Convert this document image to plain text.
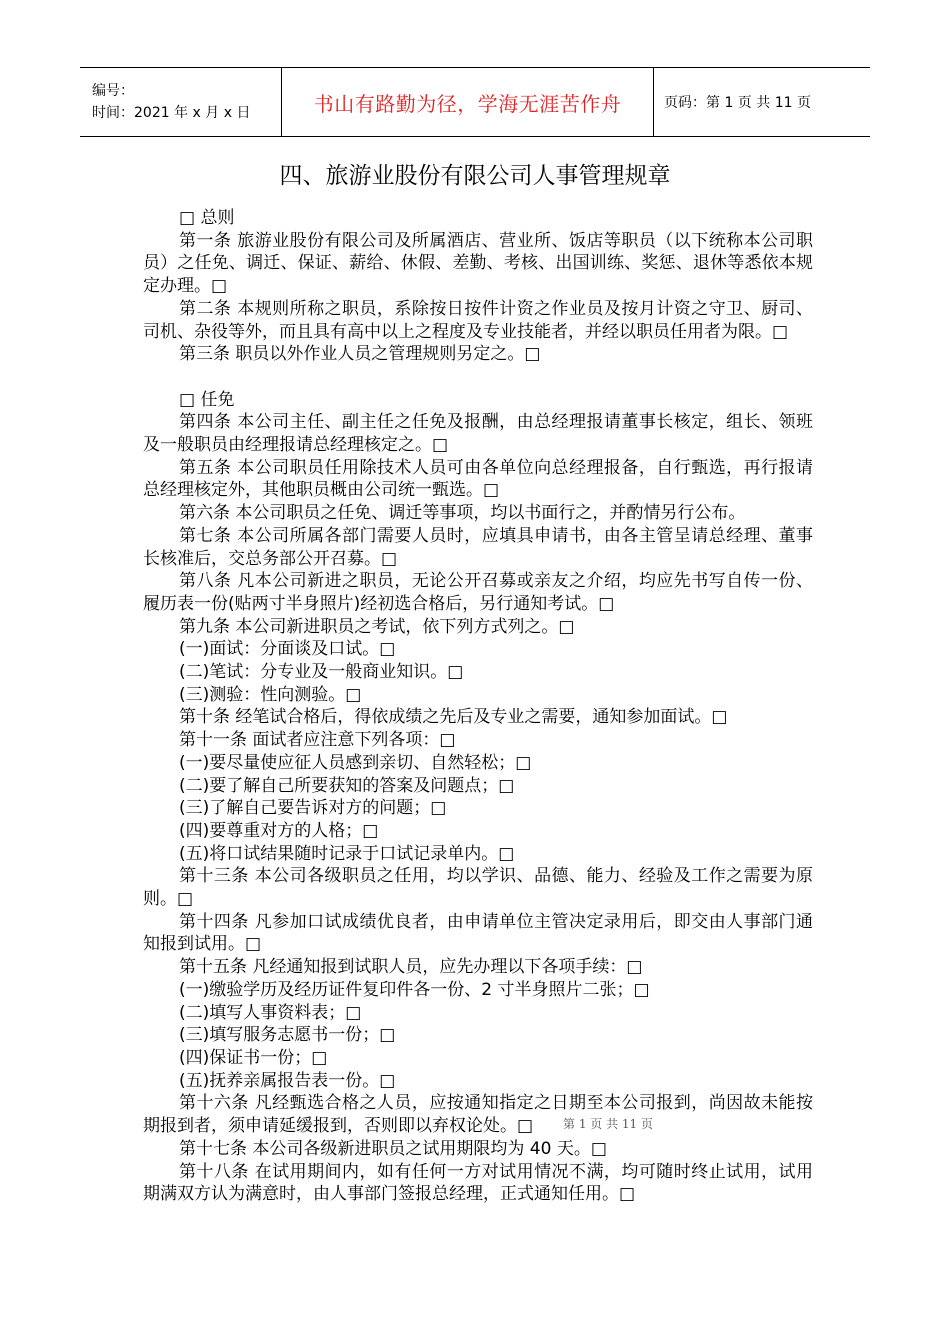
编号：
时间：2021 年 x 月 x 日	书山有路勤为径，学海无涯苦作舟	页码：第 1 页 共 11 页
四、旅游业股份有限公司人事管理规章
□ 总则

第一条 旅游业股份有限公司及所属酒店、营业所、饭店等职员（以下统称本公司职员）之任免、调迁、保证、薪给、休假、差勤、考核、出国训练、奖惩、退休等悉依本规定办理。□

第二条 本规则所称之职员，系除按日按件计资之作业员及按月计资之守卫、厨司、司机、杂役等外，而且具有高中以上之程度及专业技能者，并经以职员任用者为限。□

第三条 职员以外作业人员之管理规则另定之。□

□ 任免

第四条 本公司主任、副主任之任免及报酬，由总经理报请董事长核定，组长、领班及一般职员由经理报请总经理核定之。□

第五条 本公司职员任用除技术人员可由各单位向总经理报备，自行甄选，再行报请总经理核定外，其他职员概由公司统一甄选。□

第六条 本公司职员之任免、调迁等事项，均以书面行之，并酌情另行公布。

第七条 本公司所属各部门需要人员时，应填具申请书，由各主管呈请总经理、董事长核准后，交总务部公开召募。□

第八条 凡本公司新进之职员，无论公开召募或亲友之介绍，均应先书写自传一份、履历表一份(贴两寸半身照片)经初选合格后，另行通知考试。□

第九条 本公司新进职员之考试，依下列方式列之。□

(一)面试：分面谈及口试。□

(二)笔试：分专业及一般商业知识。□

(三)测验：性向测验。□

第十条 经笔试合格后，得依成绩之先后及专业之需要，通知参加面试。□

第十一条 面试者应注意下列各项：□

(一)要尽量使应征人员感到亲切、自然轻松；□

(二)要了解自己所要获知的答案及问题点；□

(三)了解自己要告诉对方的问题；□

(四)要尊重对方的人格；□

(五)将口试结果随时记录于口试记录单内。□

第十三条 本公司各级职员之任用，均以学识、品德、能力、经验及工作之需要为原则。□

第十四条 凡参加口试成绩优良者，由申请单位主管决定录用后，即交由人事部门通知报到试用。□

第十五条 凡经通知报到试职人员，应先办理以下各项手续：□

(一)缴验学历及经历证件复印件各一份、2 寸半身照片二张；□

(二)填写人事资料表；□

(三)填写服务志愿书一份；□

(四)保证书一份；□

(五)抚养亲属报告表一份。□

第十六条 凡经甄选合格之人员，应按通知指定之日期至本公司报到，尚因故未能按期报到者，须申请延缓报到，否则即以弃权论处。□

第十七条 本公司各级新进职员之试用期限均为 40 天。□

第十八条 在试用期间内，如有任何一方对试用情况不满，均可随时终止试用，试用期满双方认为满意时，由人事部门签报总经理，正式通知任用。□

第 1 页 共 11 页
